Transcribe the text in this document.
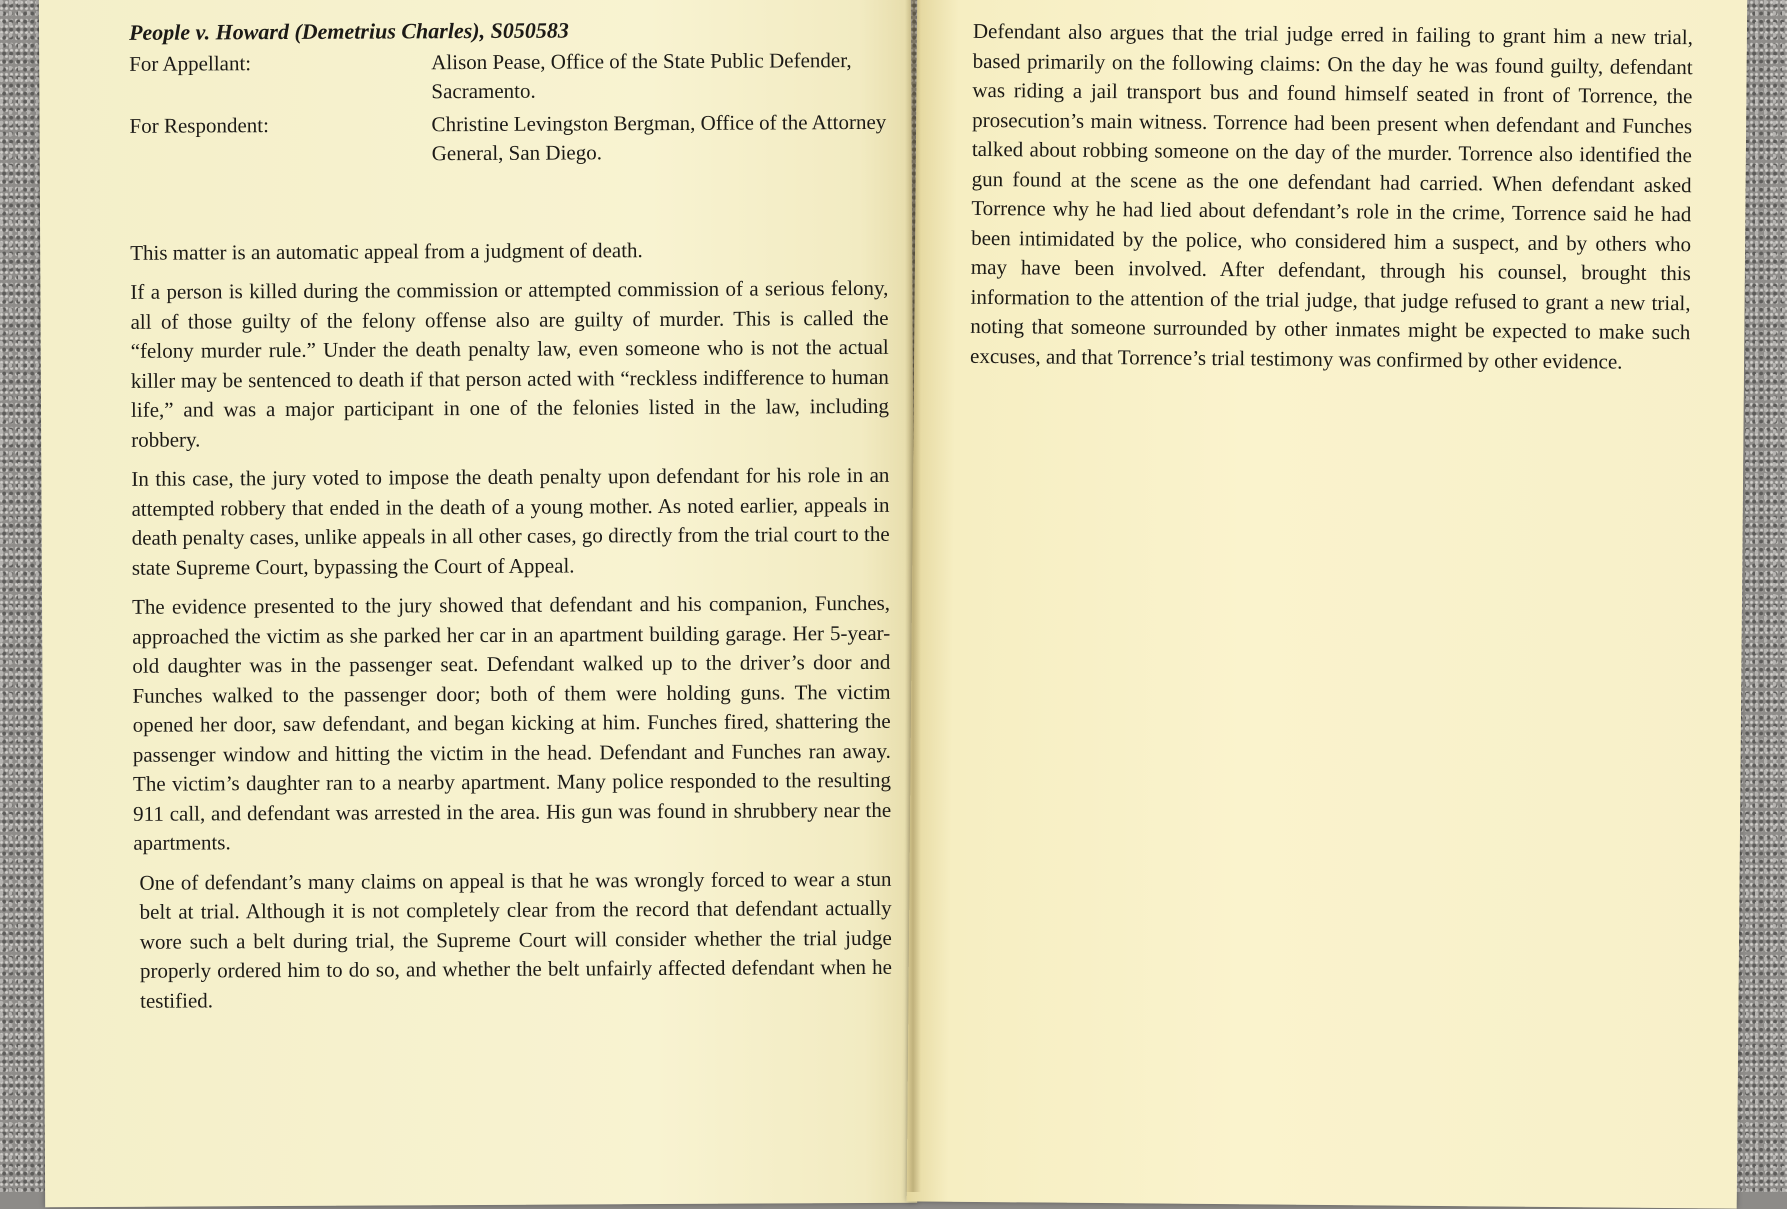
People v. Howard (Demetrius Charles), S050583
For Appellant:	Alison Pease, Office of the State Public Defender, Sacramento.
For Respondent:	Christine Levingston Bergman, Office of the Attorney General, San Diego.

This matter is an automatic appeal from a judgment of death.

If a person is killed during the commission or attempted commission of a serious felony, all of those guilty of the felony offense also are guilty of murder. This is called the “felony murder rule.” Under the death penalty law, even someone who is not the actual killer may be sentenced to death if that person acted with “reckless indifference to human life,” and was a major participant in one of the felonies listed in the law, including robbery.

In this case, the jury voted to impose the death penalty upon defendant for his role in an attempted robbery that ended in the death of a young mother. As noted earlier, appeals in death penalty cases, unlike appeals in all other cases, go directly from the trial court to the state Supreme Court, bypassing the Court of Appeal.

The evidence presented to the jury showed that defendant and his companion, Funches, approached the victim as she parked her car in an apartment building garage. Her 5-year-old daughter was in the passenger seat. Defendant walked up to the driver’s door and Funches walked to the passenger door; both of them were holding guns. The victim opened her door, saw defendant, and began kicking at him. Funches fired, shattering the passenger window and hitting the victim in the head. Defendant and Funches ran away. The victim’s daughter ran to a nearby apartment. Many police responded to the resulting 911 call, and defendant was arrested in the area. His gun was found in shrubbery near the apartments.

One of defendant’s many claims on appeal is that he was wrongly forced to wear a stun belt at trial. Although it is not completely clear from the record that defendant actually wore such a belt during trial, the Supreme Court will consider whether the trial judge properly ordered him to do so, and whether the belt unfairly affected defendant when he testified.

Defendant also argues that the trial judge erred in failing to grant him a new trial, based primarily on the following claims: On the day he was found guilty, defendant was riding a jail transport bus and found himself seated in front of Torrence, the prosecution’s main witness. Torrence had been present when defendant and Funches talked about robbing someone on the day of the murder. Torrence also identified the gun found at the scene as the one defendant had carried. When defendant asked Torrence why he had lied about defendant’s role in the crime, Torrence said he had been intimidated by the police, who considered him a suspect, and by others who may have been involved. After defendant, through his counsel, brought this information to the attention of the trial judge, that judge refused to grant a new trial, noting that someone surrounded by other inmates might be expected to make such excuses, and that Torrence’s trial testimony was confirmed by other evidence.
